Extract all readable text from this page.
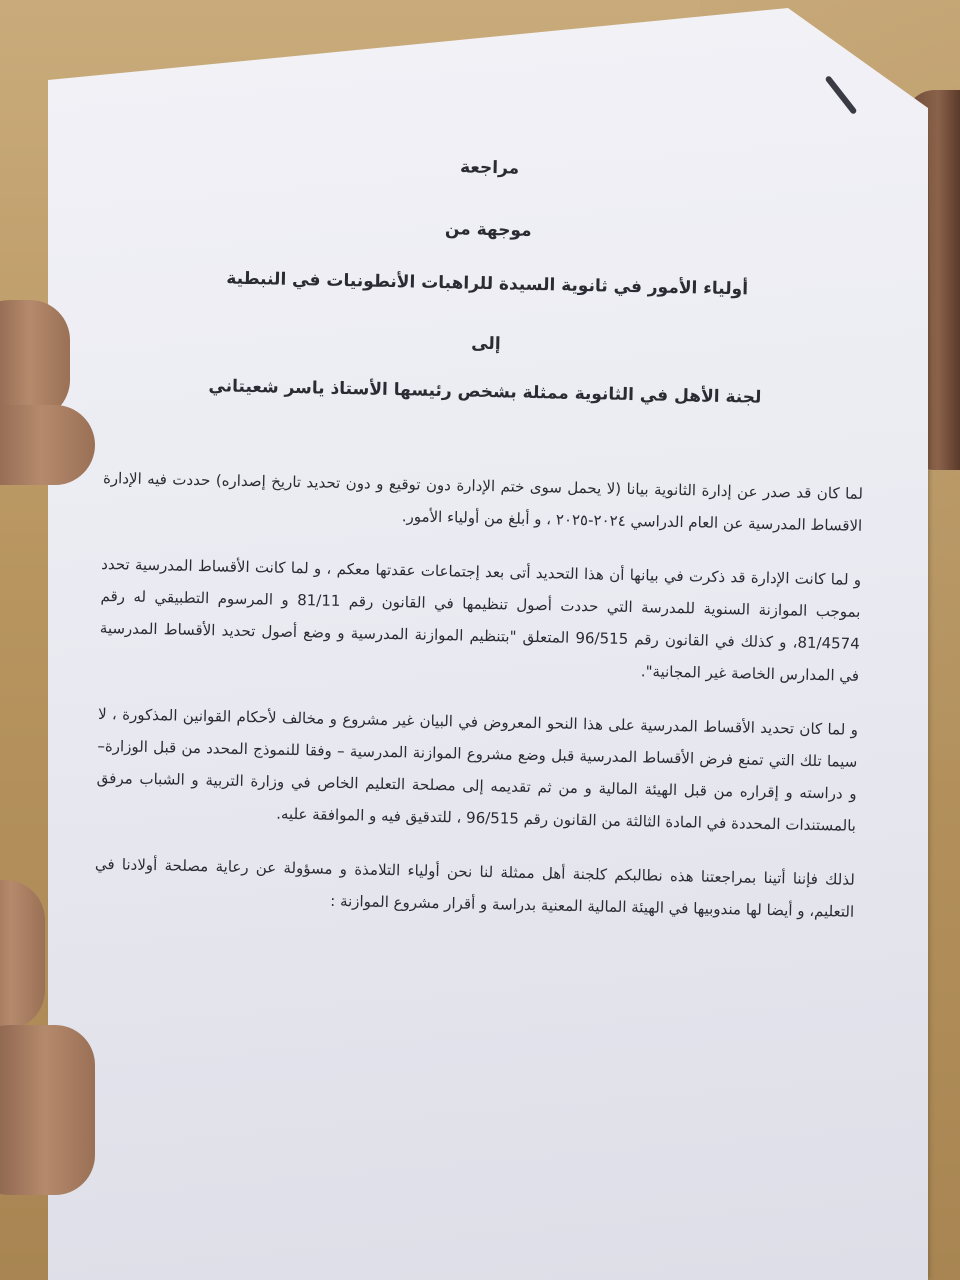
مراجعة
موجهة من
أولياء الأمور في ثانوية السيدة للراهبات الأنطونيات في النبطية
إلى
لجنة الأهل في الثانوية ممثلة بشخص رئيسها الأستاذ ياسر شعيتاني

لما كان قد صدر عن إدارة الثانوية بيانا (لا يحمل سوى ختم الإدارة دون توقيع و دون تحديد تاريخ إصداره) حددت فيه الإدارة الاقساط المدرسية عن العام الدراسي ٢٠٢٤-٢٠٢٥ ، و أبلغ من أولياء الأمور.

و لما كانت الإدارة قد ذكرت في بيانها أن هذا التحديد أتى بعد إجتماعات عقدتها معكم ، و لما كانت الأقساط المدرسية تحدد بموجب الموازنة السنوية للمدرسة التي حددت أصول تنظيمها في القانون رقم 81/11 و المرسوم التطبيقي له رقم 81/4574، و كذلك في القانون رقم 96/515 المتعلق "بتنظيم الموازنة المدرسية و وضع أصول تحديد الأقساط المدرسية في المدارس الخاصة غير المجانية".

و لما كان تحديد الأقساط المدرسية على هذا النحو المعروض في البيان غير مشروع و مخالف لأحكام القوانين المذكورة ، لا سيما تلك التي تمنع فرض الأقساط المدرسية قبل وضع مشروع الموازنة المدرسية – وفقا للنموذج المحدد من قبل الوزارة– و دراسته و إقراره من قبل الهيئة المالية و من ثم تقديمه إلى مصلحة التعليم الخاص في وزارة التربية و الشباب مرفق بالمستندات المحددة في المادة الثالثة من القانون رقم 96/515 ، للتدقيق فيه و الموافقة عليه.

لذلك فإننا أتينا بمراجعتنا هذه نطالبكم كلجنة أهل ممثلة لنا نحن أولياء التلامذة و مسؤولة عن رعاية مصلحة أولادنا في التعليم، و أيضا لها مندوبيها في الهيئة المالية المعنية بدراسة و أقرار مشروع الموازنة :
